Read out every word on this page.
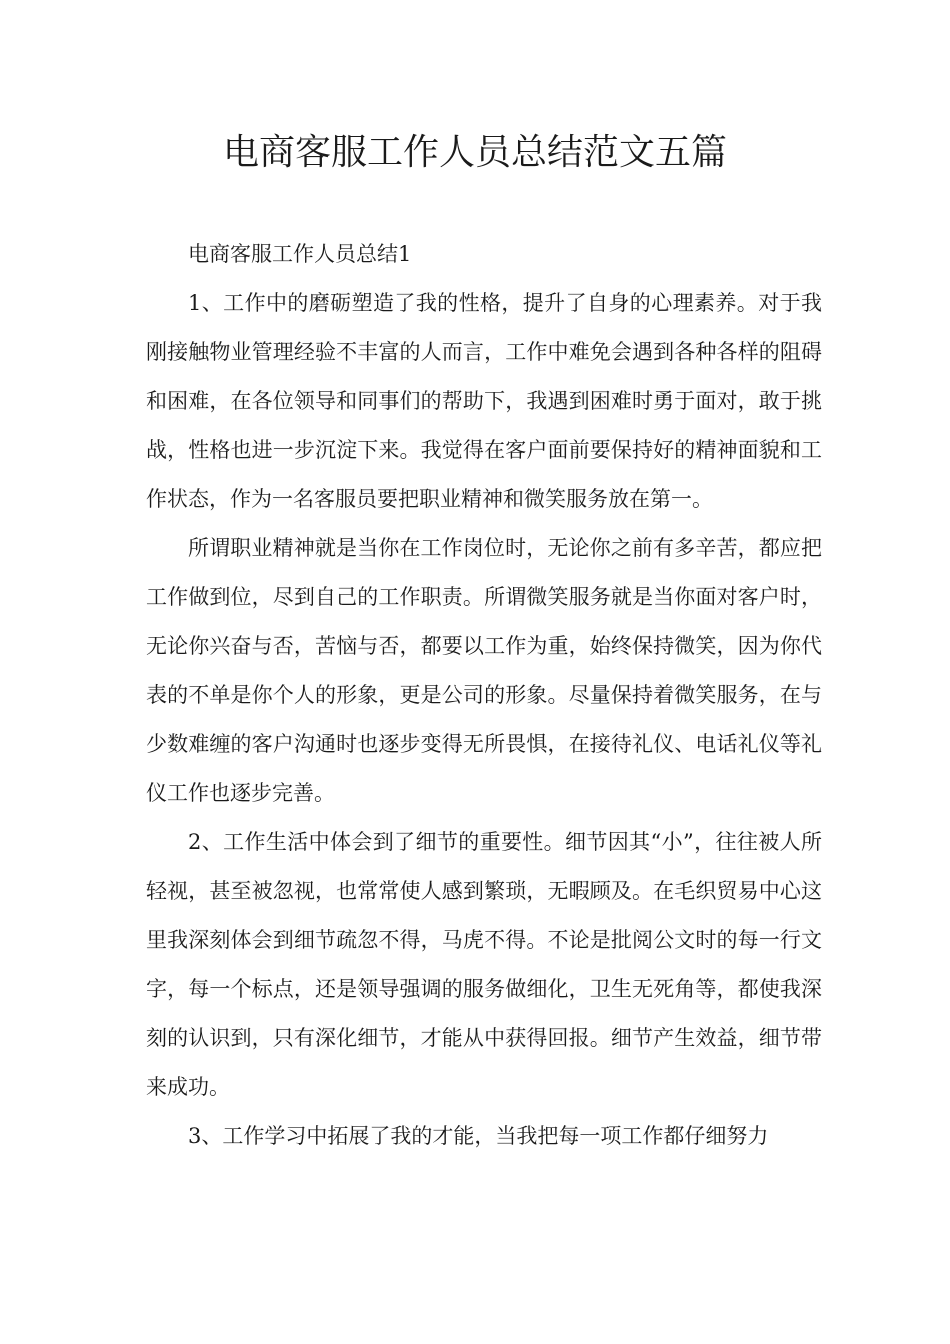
电商客服工作人员总结范文五篇

电商客服工作人员总结1

1、工作中的磨砺塑造了我的性格，提升了自身的心理素养。对于我刚接触物业管理经验不丰富的人而言，工作中难免会遇到各种各样的阻碍和困难，在各位领导和同事们的帮助下，我遇到困难时勇于面对，敢于挑战，性格也进一步沉淀下来。我觉得在客户面前要保持好的精神面貌和工作状态，作为一名客服员要把职业精神和微笑服务放在第一。

所谓职业精神就是当你在工作岗位时，无论你之前有多辛苦，都应把工作做到位，尽到自己的工作职责。所谓微笑服务就是当你面对客户时，无论你兴奋与否，苦恼与否，都要以工作为重，始终保持微笑，因为你代表的不单是你个人的形象，更是公司的形象。尽量保持着微笑服务，在与少数难缠的客户沟通时也逐步变得无所畏惧，在接待礼仪、电话礼仪等礼仪工作也逐步完善。

2、工作生活中体会到了细节的重要性。细节因其“小”，往往被人所轻视，甚至被忽视，也常常使人感到繁琐，无暇顾及。在毛织贸易中心这里我深刻体会到细节疏忽不得，马虎不得。不论是批阅公文时的每一行文字，每一个标点，还是领导强调的服务做细化，卫生无死角等，都使我深刻的认识到，只有深化细节，才能从中获得回报。细节产生效益，细节带来成功。

3、工作学习中拓展了我的才能，当我把每一项工作都仔细努力
